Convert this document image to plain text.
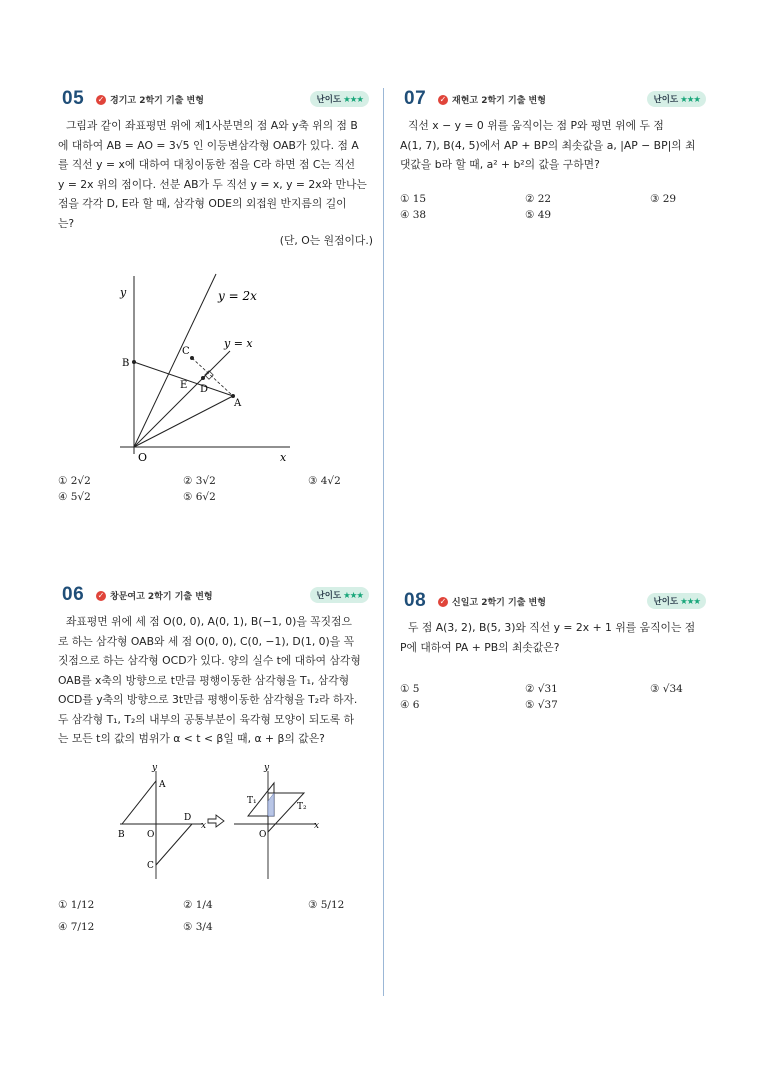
05 ✓ 경기고 2학기 기출 변형	난이도 ★★★
그림과 같이 좌표평면 위에 제1사분면의 점 A와 y축 위의 점 B
에 대하여 AB = AO = 3√5 인 이등변삼각형 OAB가 있다. 점 A
를 직선 y = x에 대하여 대칭이동한 점을 C라 하면 점 C는 직선
y = 2x 위의 점이다. 선분 AB가 두 직선 y = x, y = 2x와 만나는
점을 각각 D, E라 할 때, 삼각형 ODE의 외접원 반지름의 길이
는?
(단, O는 원점이다.)
y
x
O
y = 2x
y = x
B
C
E D
A
① 2√2	② 3√2	③ 4√2
④ 5√2	⑤ 6√2
06 ✓ 창문여고 2학기 기출 변형	난이도 ★★★
좌표평면 위에 세 점 O(0, 0), A(0, 1), B(−1, 0)을 꼭짓점으
로 하는 삼각형 OAB와 세 점 O(0, 0), C(0, −1), D(1, 0)을 꼭
짓점으로 하는 삼각형 OCD가 있다. 양의 실수 t에 대하여 삼각형
OAB를 x축의 방향으로 t만큼 평행이동한 삼각형을 T₁, 삼각형
OCD를 y축의 방향으로 3t만큼 평행이동한 삼각형을 T₂라 하자.
두 삼각형 T₁, T₂의 내부의 공통부분이 육각형 모양이 되도록 하
는 모든 t의 값의 범위가 α < t < β일 때, α + β의 값은?
y
x
O
A
B
C
D
y
x
O
T₁
T₂
① 1/12	② 1/4	③ 5/12
④ 7/12	⑤ 3/4
07 ✓ 재현고 2학기 기출 변형	난이도 ★★★
직선 x − y = 0 위를 움직이는 점 P와 평면 위에 두 점
A(1, 7), B(4, 5)에서 AP + BP의 최솟값을 a, |AP − BP|의 최
댓값을 b라 할 때, a² + b²의 값을 구하면?
① 15	② 22	③ 29
④ 38	⑤ 49
08 ✓ 신일고 2학기 기출 변형	난이도 ★★★
두 점 A(3, 2), B(5, 3)와 직선 y = 2x + 1 위를 움직이는 점
P에 대하여 PA + PB의 최솟값은?
① 5	② √31	③ √34
④ 6	⑤ √37
